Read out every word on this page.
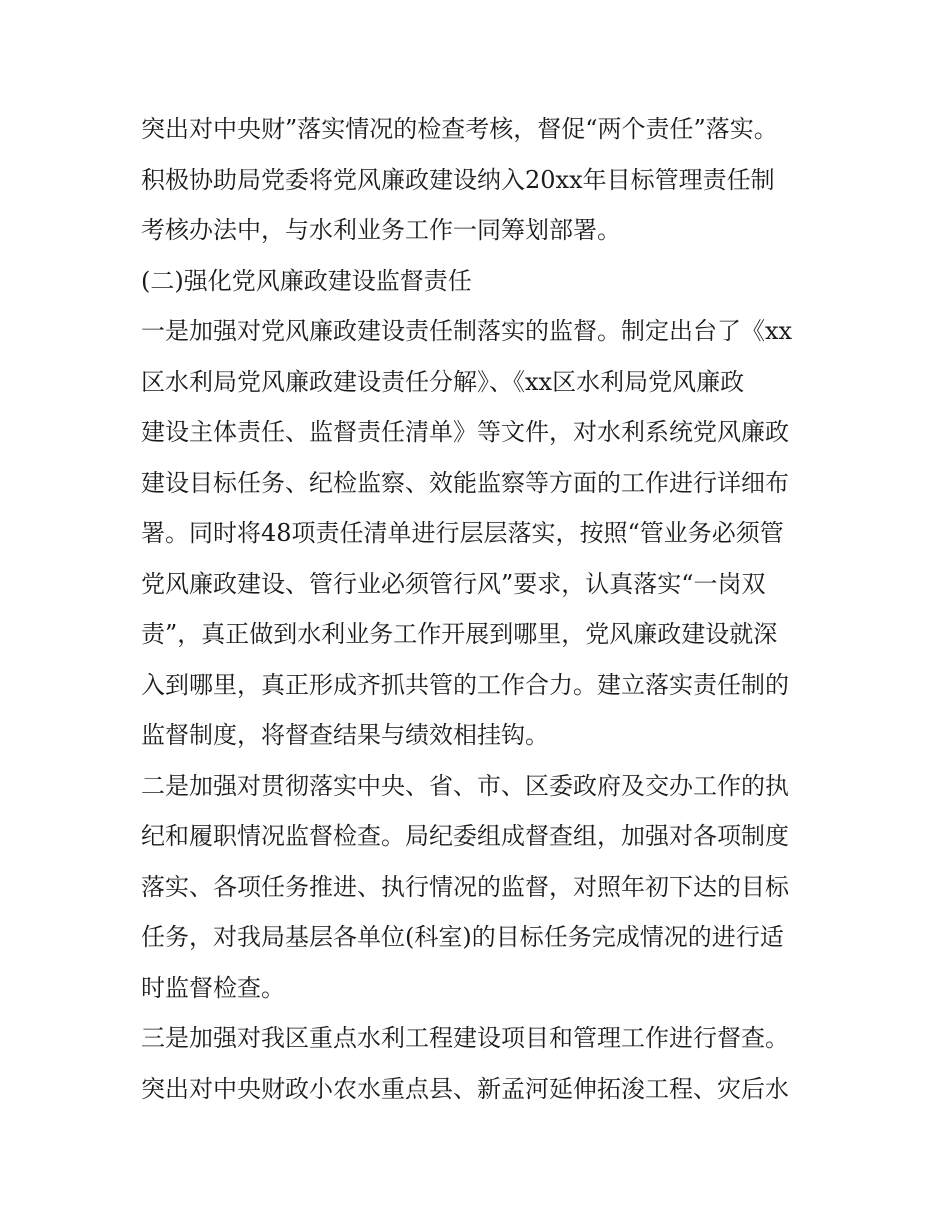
突出对中央财”落实情况的检查考核，督促“两个责任”落实。
积极协助局党委将党风廉政建设纳入20xx年目标管理责任制
考核办法中，与水利业务工作一同筹划部署。
(二)强化党风廉政建设监督责任
一是加强对党风廉政建设责任制落实的监督。制定出台了《xx
区水利局党风廉政建设责任分解》、《xx区水利局党风廉政
建设主体责任、监督责任清单》等文件，对水利系统党风廉政
建设目标任务、纪检监察、效能监察等方面的工作进行详细布
署。同时将48项责任清单进行层层落实，按照“管业务必须管
党风廉政建设、管行业必须管行风”要求，认真落实“一岗双
责”，真正做到水利业务工作开展到哪里，党风廉政建设就深
入到哪里，真正形成齐抓共管的工作合力。建立落实责任制的
监督制度，将督查结果与绩效相挂钩。
二是加强对贯彻落实中央、省、市、区委政府及交办工作的执
纪和履职情况监督检查。局纪委组成督查组，加强对各项制度
落实、各项任务推进、执行情况的监督，对照年初下达的目标
任务，对我局基层各单位(科室)的目标任务完成情况的进行适
时监督检查。
三是加强对我区重点水利工程建设项目和管理工作进行督查。
突出对中央财政小农水重点县、新孟河延伸拓浚工程、灾后水
